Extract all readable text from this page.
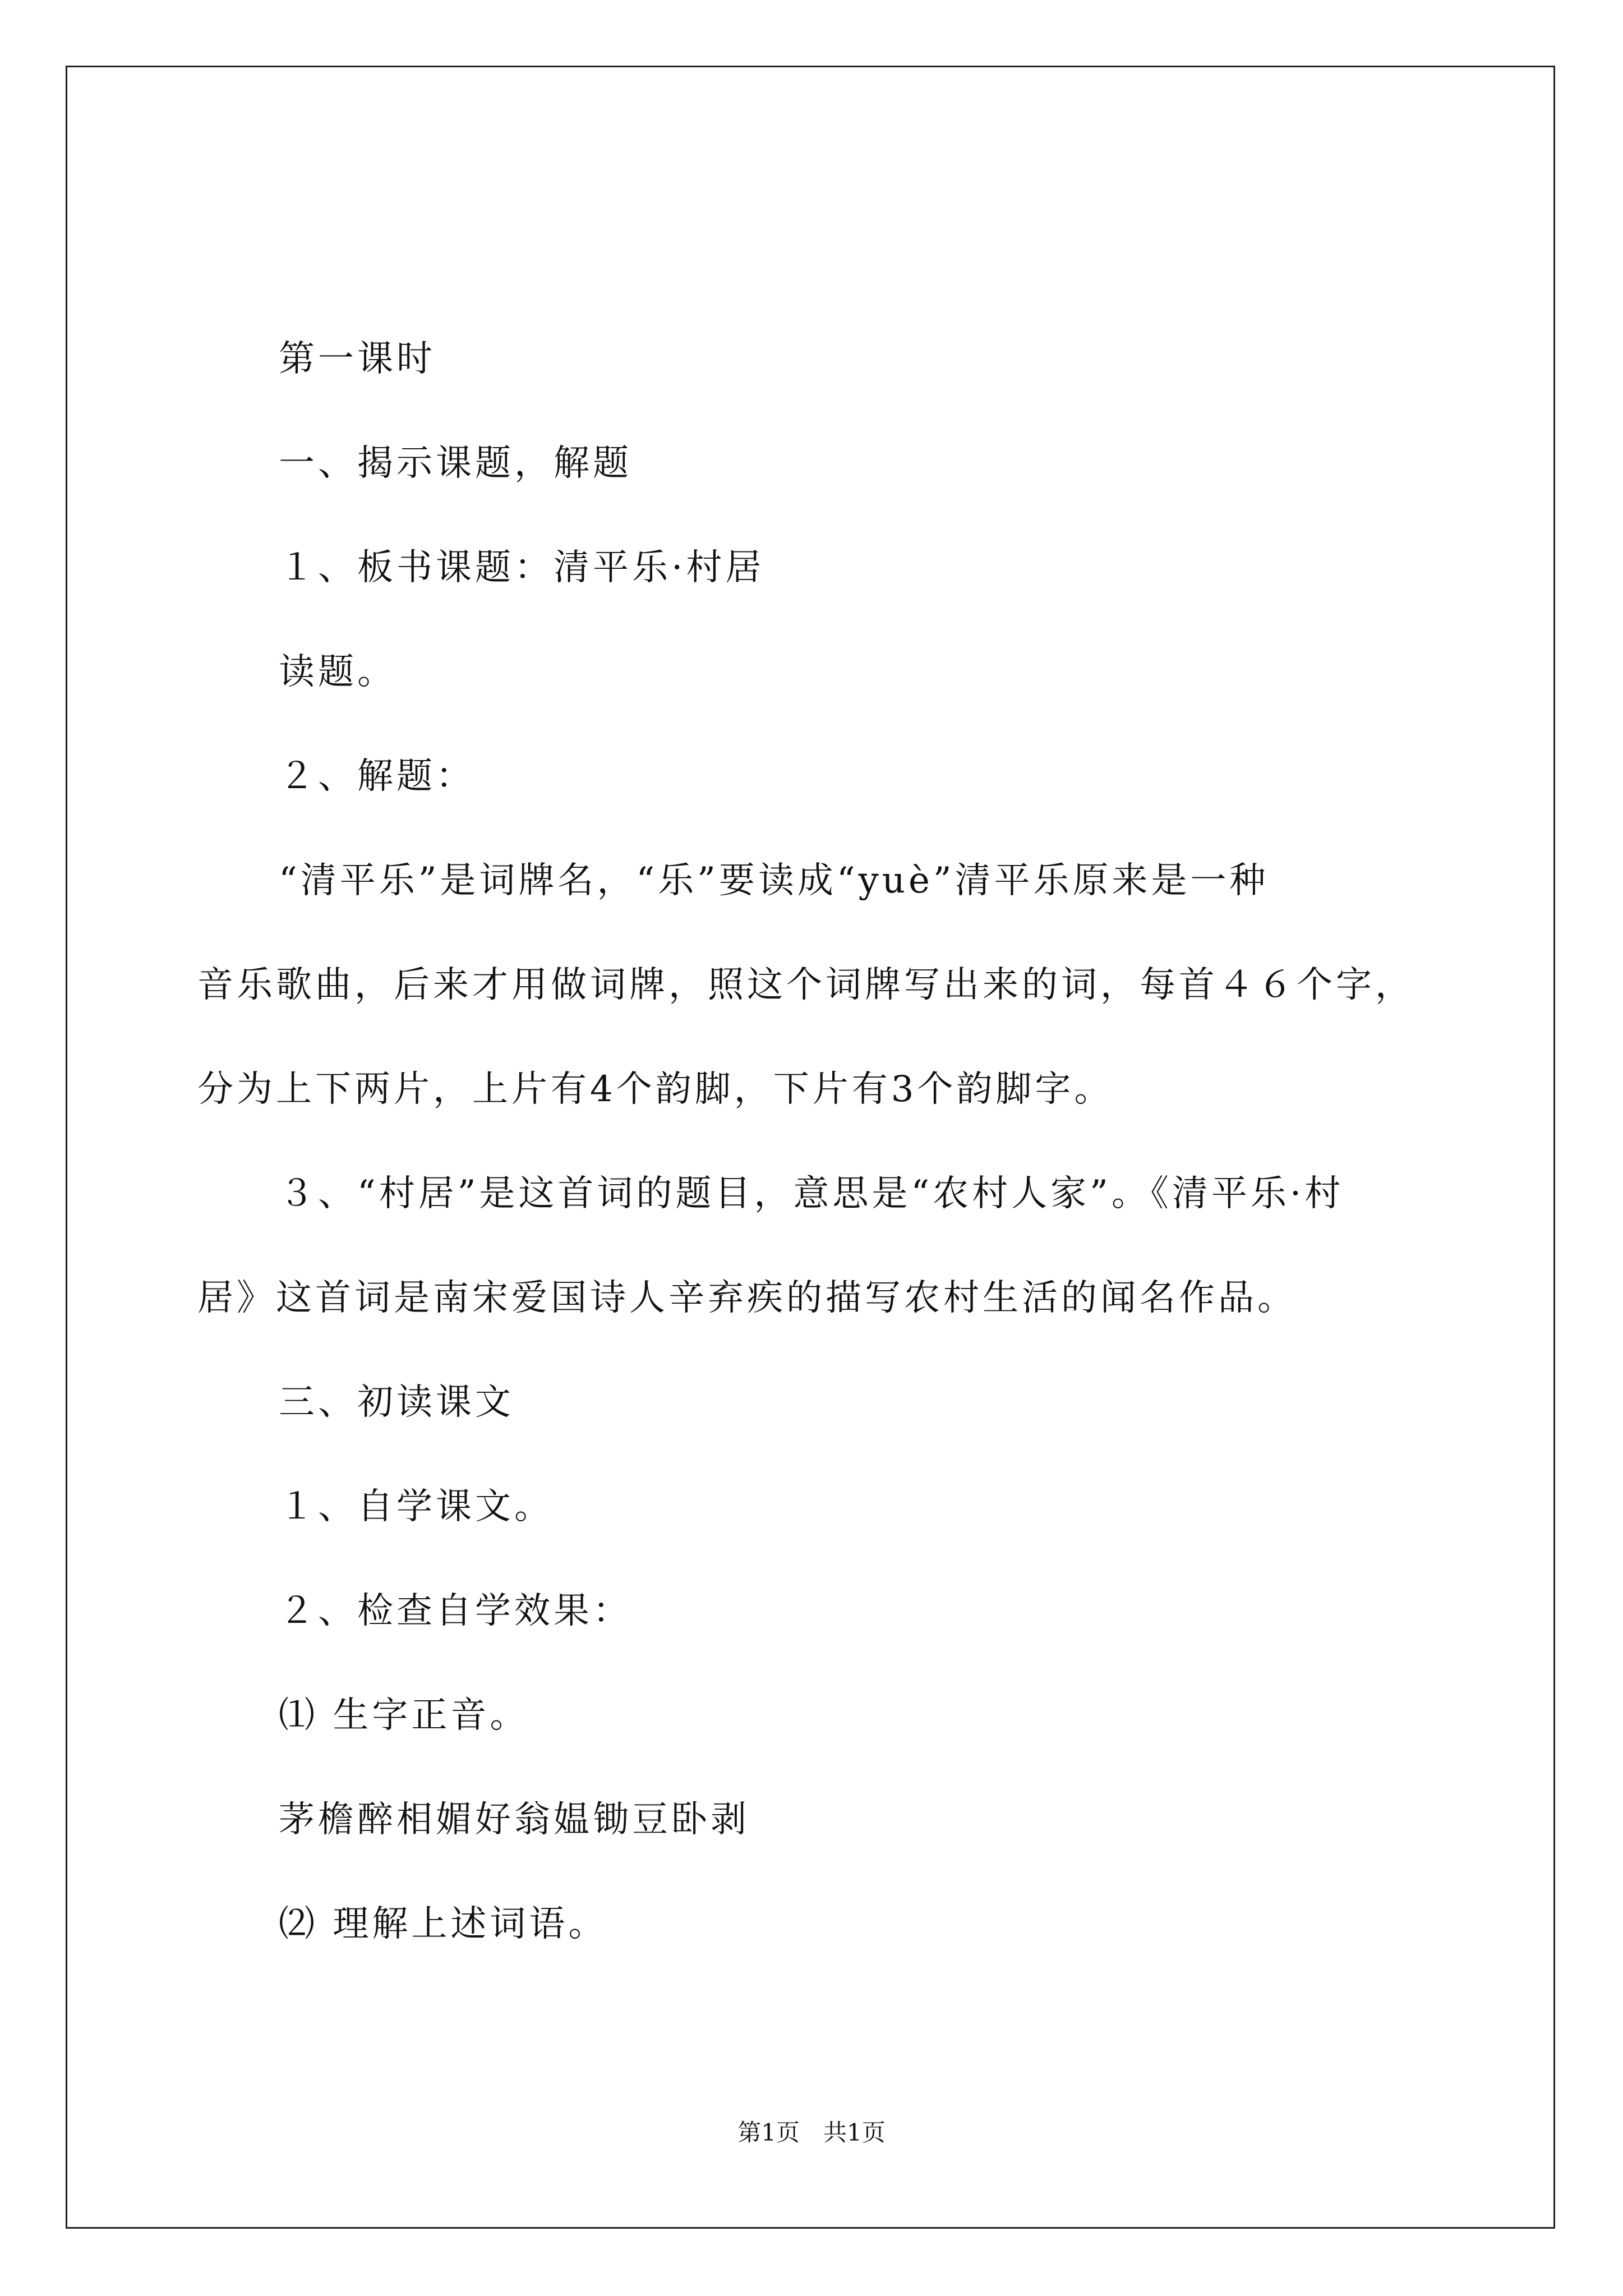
第一课时
一、揭示课题，解题
１、板书课题：清平乐·村居
读题。
２、解题：
“清平乐”是词牌名，“乐”要读成“yuè”清平乐原来是一种
音乐歌曲，后来才用做词牌，照这个词牌写出来的词，每首４６个字，
分为上下两片，上片有4个韵脚，下片有3个韵脚字。
３、“村居”是这首词的题目，意思是“农村人家”。《清平乐·村
居》这首词是南宋爱国诗人辛弃疾的描写农村生活的闻名作品。
三、初读课文
１、自学课文。
２、检查自学效果：
⑴ 生字正音。
茅檐醉相媚好翁媪锄豆卧剥
⑵ 理解上述词语。
第1页　共1页
